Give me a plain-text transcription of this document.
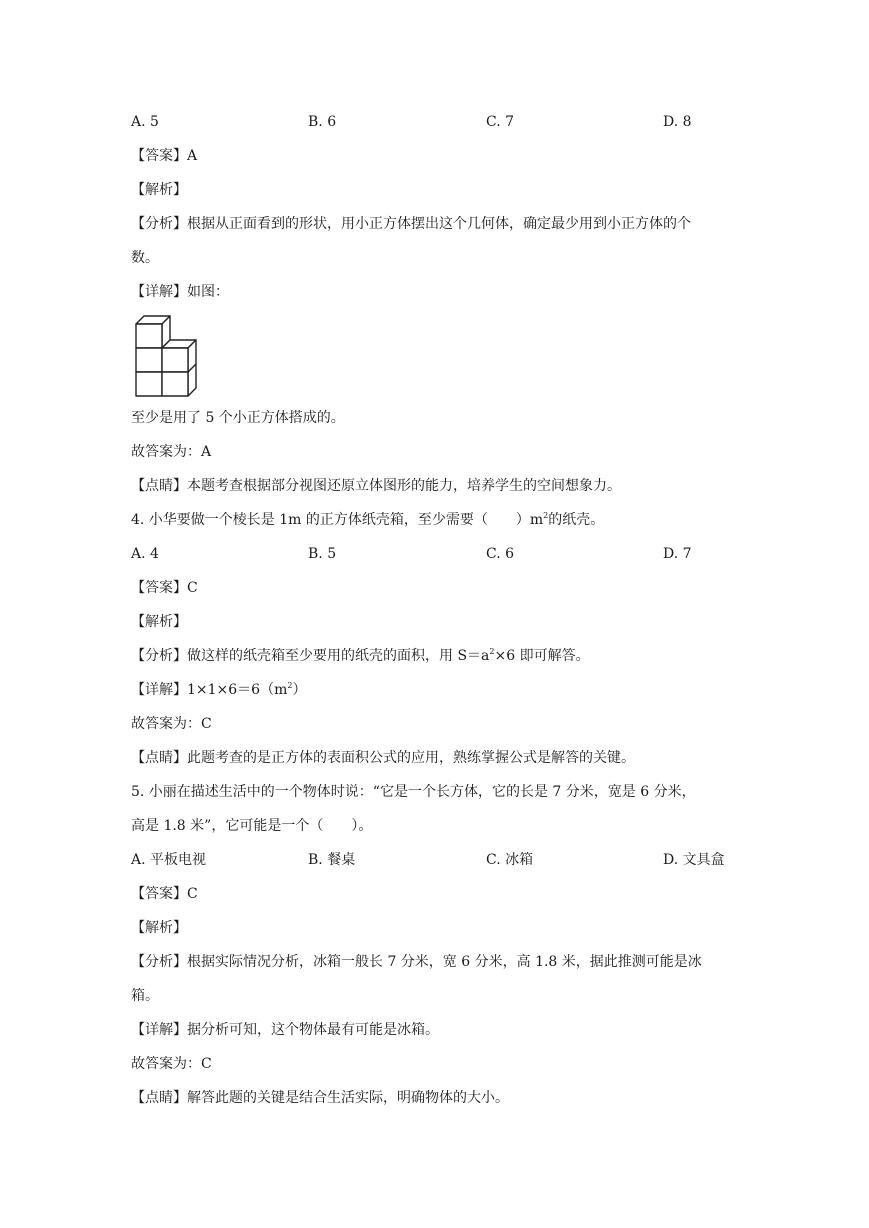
A. 5	B. 6	C. 7	D. 8
【答案】A
【解析】
【分析】根据从正面看到的形状，用小正方体摆出这个几何体，确定最少用到小正方体的个
数。
【详解】如图：
至少是用了 5 个小正方体搭成的。
故答案为：A
【点睛】本题考查根据部分视图还原立体图形的能力，培养学生的空间想象力。
4. 小华要做一个棱长是 1m 的正方体纸壳箱，至少需要（　　）$m^2$的纸壳。
A. 4	B. 5	C. 6	D. 7
【答案】C
【解析】
【分析】做这样的纸壳箱至少要用的纸壳的面积，用 $S=a^2\times 6$ 即可解答。
【详解】$1\times 1\times 6=6(m^2)$
故答案为：C
【点睛】此题考查的是正方体的表面积公式的应用，熟练掌握公式是解答的关键。
5. 小丽在描述生活中的一个物体时说：“它是一个长方体，它的长是 7 分米，宽是 6 分米，
高是 1.8 米”，它可能是一个（　　）。
A. 平板电视	B. 餐桌	C. 冰箱	D. 文具盒
【答案】C
【解析】
【分析】根据实际情况分析，冰箱一般长 7 分米，宽 6 分米，高 1.8 米，据此推测可能是冰
箱。
【详解】据分析可知，这个物体最有可能是冰箱。
故答案为：C
【点睛】解答此题的关键是结合生活实际，明确物体的大小。
